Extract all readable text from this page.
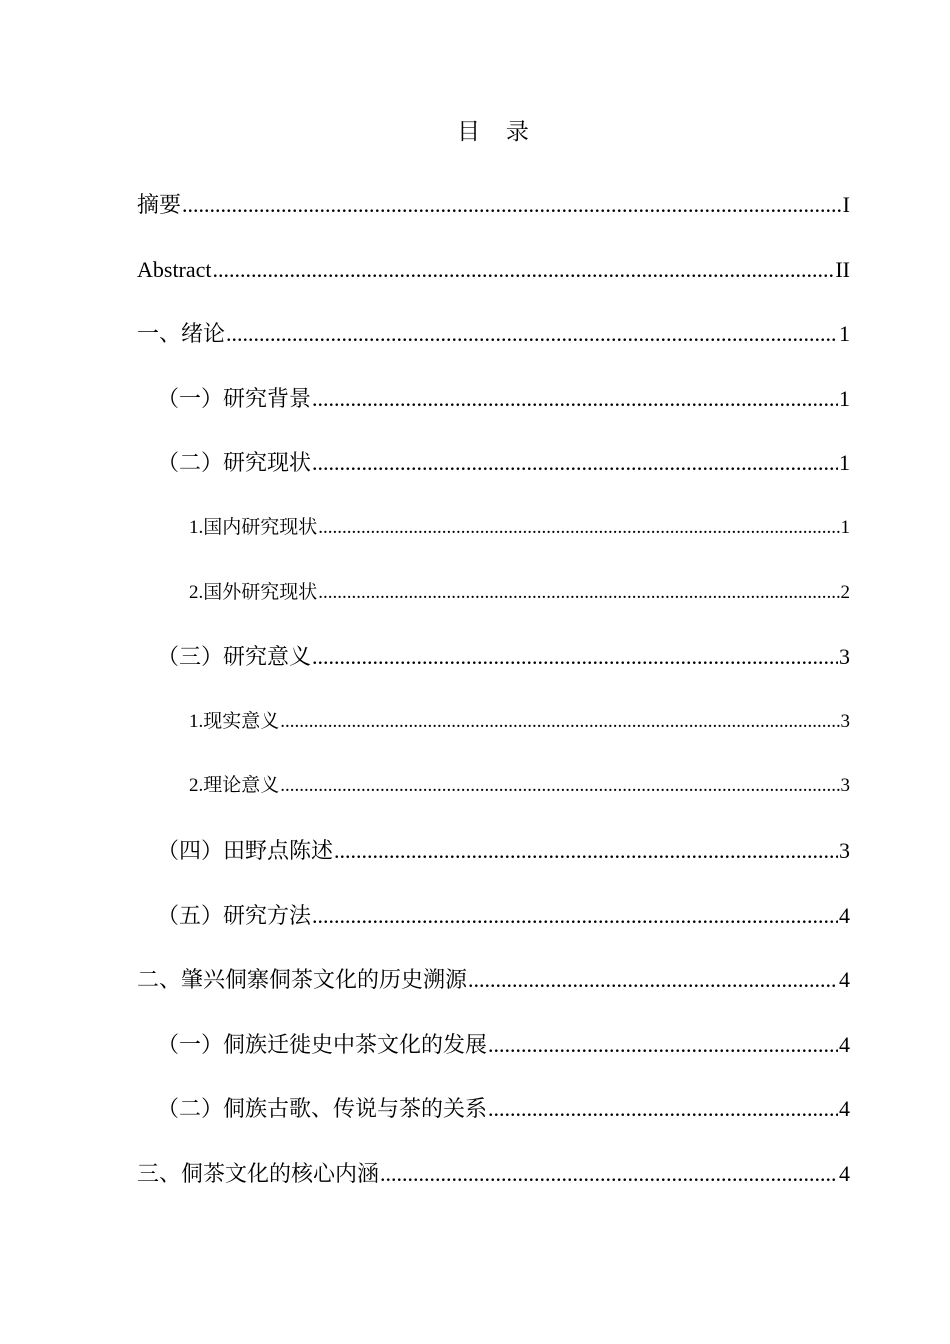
目 录
摘要 .....	I
Abstract .....	II
一、绪论 .....	1
（一）研究背景 .....	1
（二）研究现状 .....	1
1.国内研究现状 .....	1
2.国外研究现状 .....	2
（三）研究意义 .....	3
1.现实意义 .....	3
2.理论意义 .....	3
（四）田野点陈述 .....	3
（五）研究方法 .....	4
二、肇兴侗寨侗茶文化的历史溯源 .....	4
（一）侗族迁徙史中茶文化的发展 .....	4
（二）侗族古歌、传说与茶的关系 .....	4
三、侗茶文化的核心内涵 .....	4
